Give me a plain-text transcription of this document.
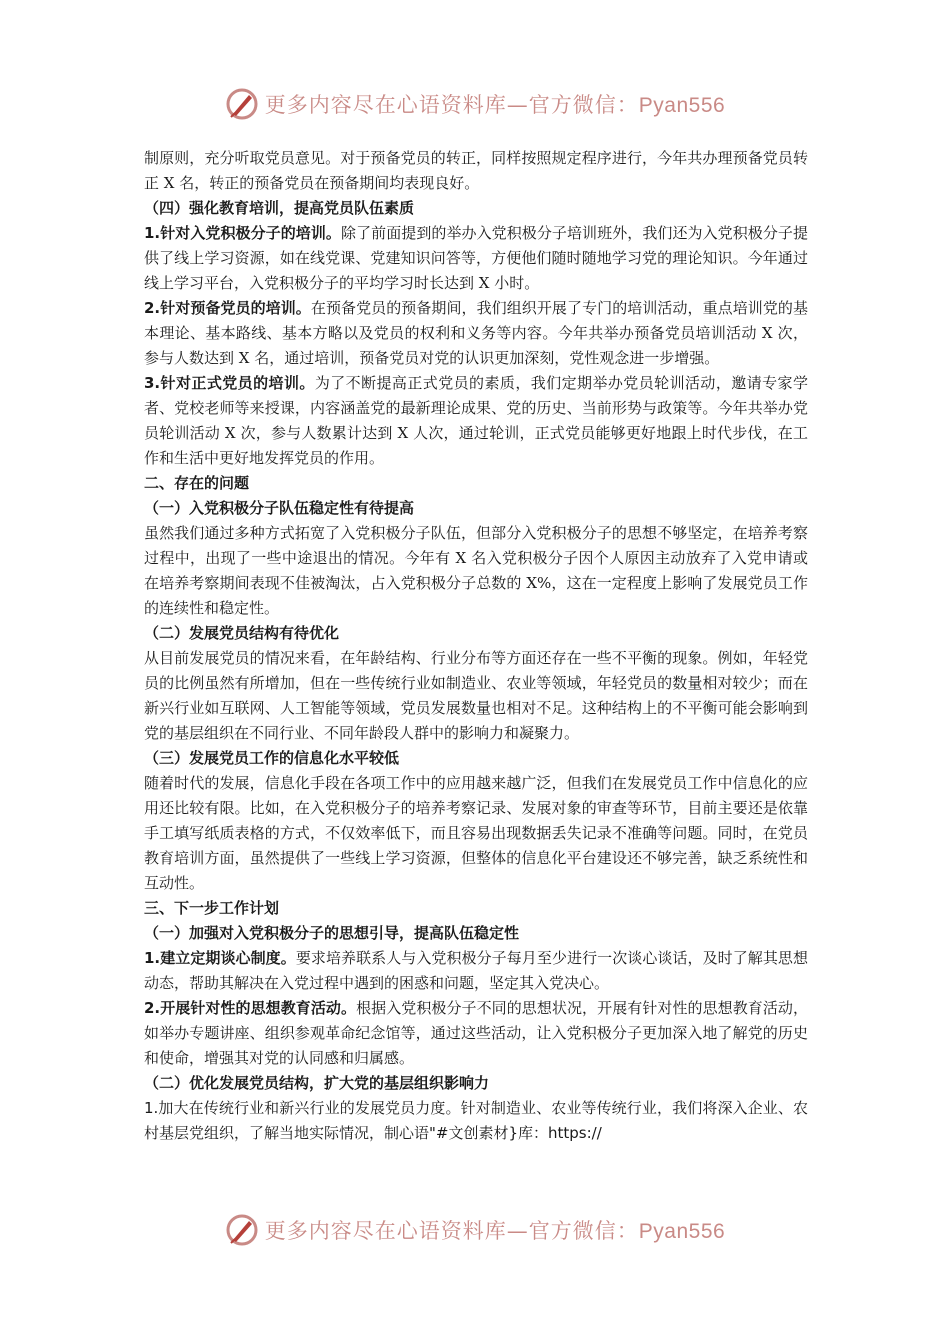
更多内容尽在心语资料库—官方微信：Pyan556

制原则，充分听取党员意见。对于预备党员的转正，同样按照规定程序进行，今年共办理预备党员转正 X 名，转正的预备党员在预备期间均表现良好。

（四）强化教育培训，提高党员队伍素质

1.针对入党积极分子的培训。除了前面提到的举办入党积极分子培训班外，我们还为入党积极分子提供了线上学习资源，如在线党课、党建知识问答等，方便他们随时随地学习党的理论知识。今年通过线上学习平台，入党积极分子的平均学习时长达到 X 小时。

2.针对预备党员的培训。在预备党员的预备期间，我们组织开展了专门的培训活动，重点培训党的基本理论、基本路线、基本方略以及党员的权利和义务等内容。今年共举办预备党员培训活动 X 次，参与人数达到 X 名，通过培训，预备党员对党的认识更加深刻，党性观念进一步增强。

3.针对正式党员的培训。为了不断提高正式党员的素质，我们定期举办党员轮训活动，邀请专家学者、党校老师等来授课，内容涵盖党的最新理论成果、党的历史、当前形势与政策等。今年共举办党员轮训活动 X 次，参与人数累计达到 X 人次，通过轮训，正式党员能够更好地跟上时代步伐，在工作和生活中更好地发挥党员的作用。

二、存在的问题

（一）入党积极分子队伍稳定性有待提高

虽然我们通过多种方式拓宽了入党积极分子队伍，但部分入党积极分子的思想不够坚定，在培养考察过程中，出现了一些中途退出的情况。今年有 X 名入党积极分子因个人原因主动放弃了入党申请或在培养考察期间表现不佳被淘汰，占入党积极分子总数的 X%，这在一定程度上影响了发展党员工作的连续性和稳定性。

（二）发展党员结构有待优化

从目前发展党员的情况来看，在年龄结构、行业分布等方面还存在一些不平衡的现象。例如，年轻党员的比例虽然有所增加，但在一些传统行业如制造业、农业等领域，年轻党员的数量相对较少；而在新兴行业如互联网、人工智能等领域，党员发展数量也相对不足。这种结构上的不平衡可能会影响到党的基层组织在不同行业、不同年龄段人群中的影响力和凝聚力。

（三）发展党员工作的信息化水平较低

随着时代的发展，信息化手段在各项工作中的应用越来越广泛，但我们在发展党员工作中信息化的应用还比较有限。比如，在入党积极分子的培养考察记录、发展对象的审查等环节，目前主要还是依靠手工填写纸质表格的方式，不仅效率低下，而且容易出现数据丢失记录不准确等问题。同时，在党员教育培训方面，虽然提供了一些线上学习资源，但整体的信息化平台建设还不够完善，缺乏系统性和互动性。

三、下一步工作计划

（一）加强对入党积极分子的思想引导，提高队伍稳定性

1.建立定期谈心制度。要求培养联系人与入党积极分子每月至少进行一次谈心谈话，及时了解其思想动态，帮助其解决在入党过程中遇到的困惑和问题，坚定其入党决心。

2.开展针对性的思想教育活动。根据入党积极分子不同的思想状况，开展有针对性的思想教育活动，如举办专题讲座、组织参观革命纪念馆等，通过这些活动，让入党积极分子更加深入地了解党的历史和使命，增强其对党的认同感和归属感。

（二）优化发展党员结构，扩大党的基层组织影响力

1.加大在传统行业和新兴行业的发展党员力度。针对制造业、农业等传统行业，我们将深入企业、农村基层党组织，了解当地实际情况，制心语"#文创素材}库：https://

更多内容尽在心语资料库—官方微信：Pyan556
